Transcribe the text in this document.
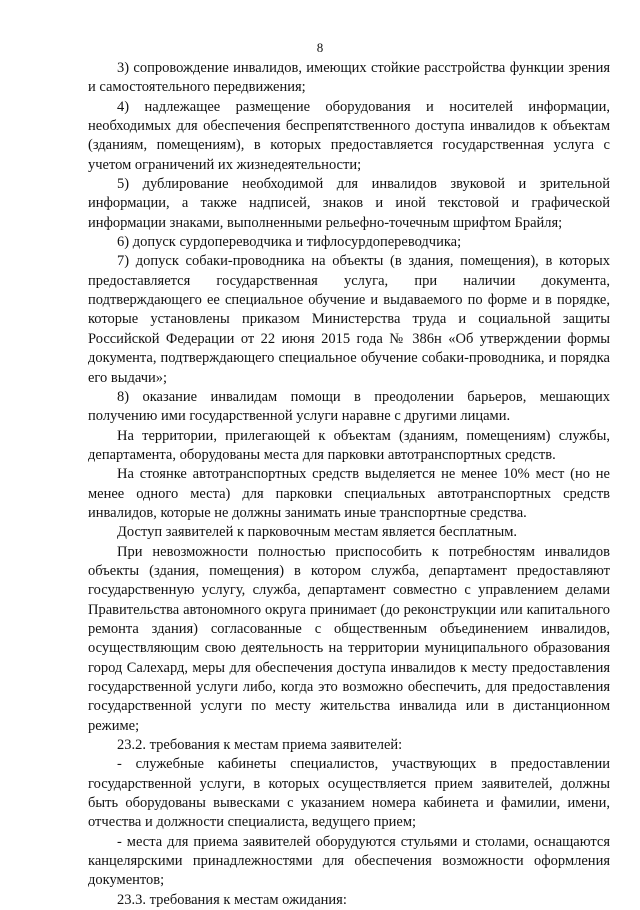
8

3) сопровождение инвалидов, имеющих стойкие расстройства функции зрения и самостоятельного передвижения;

4) надлежащее размещение оборудования и носителей информации, необходимых для обеспечения беспрепятственного доступа инвалидов к объектам (зданиям, помещениям), в которых предоставляется государственная услуга с учетом ограничений их жизнедеятельности;

5) дублирование необходимой для инвалидов звуковой и зрительной информации, а также надписей, знаков и иной текстовой и графической информации знаками, выполненными рельефно-точечным шрифтом Брайля;

6) допуск сурдопереводчика и тифлосурдопереводчика;

7) допуск собаки-проводника на объекты (в здания, помещения), в которых предоставляется государственная услуга, при наличии документа, подтверждающего ее специальное обучение и выдаваемого по форме и в порядке, которые установлены приказом Министерства труда и социальной защиты Российской Федерации от 22 июня 2015 года № 386н «Об утверждении формы документа, подтверждающего специальное обучение собаки-проводника, и порядка его выдачи»;

8) оказание инвалидам помощи в преодолении барьеров, мешающих получению ими государственной услуги наравне с другими лицами.

На территории, прилегающей к объектам (зданиям, помещениям) службы, департамента, оборудованы места для парковки автотранспортных средств.

На стоянке автотранспортных средств выделяется не менее 10% мест (но не менее одного места) для парковки специальных автотранспортных средств инвалидов, которые не должны занимать иные транспортные средства.

Доступ заявителей к парковочным местам является бесплатным.

При невозможности полностью приспособить к потребностям инвалидов объекты (здания, помещения) в котором служба, департамент предоставляют государственную услугу, служба, департамент совместно с управлением делами Правительства автономного округа принимает (до реконструкции или капитального ремонта здания) согласованные с общественным объединением инвалидов, осуществляющим свою деятельность на территории муниципального образования город Салехард, меры для обеспечения доступа инвалидов к месту предоставления государственной услуги либо, когда это возможно обеспечить, для предоставления государственной услуги по месту жительства инвалида или в дистанционном режиме;

23.2. требования к местам приема заявителей:

- служебные кабинеты специалистов, участвующих в предоставлении государственной услуги, в которых осуществляется прием заявителей, должны быть оборудованы вывесками с указанием номера кабинета и фамилии, имени, отчества и должности специалиста, ведущего прием;

- места для приема заявителей оборудуются стульями и столами, оснащаются канцелярскими принадлежностями для обеспечения возможности оформления документов;

23.3. требования к местам ожидания:
